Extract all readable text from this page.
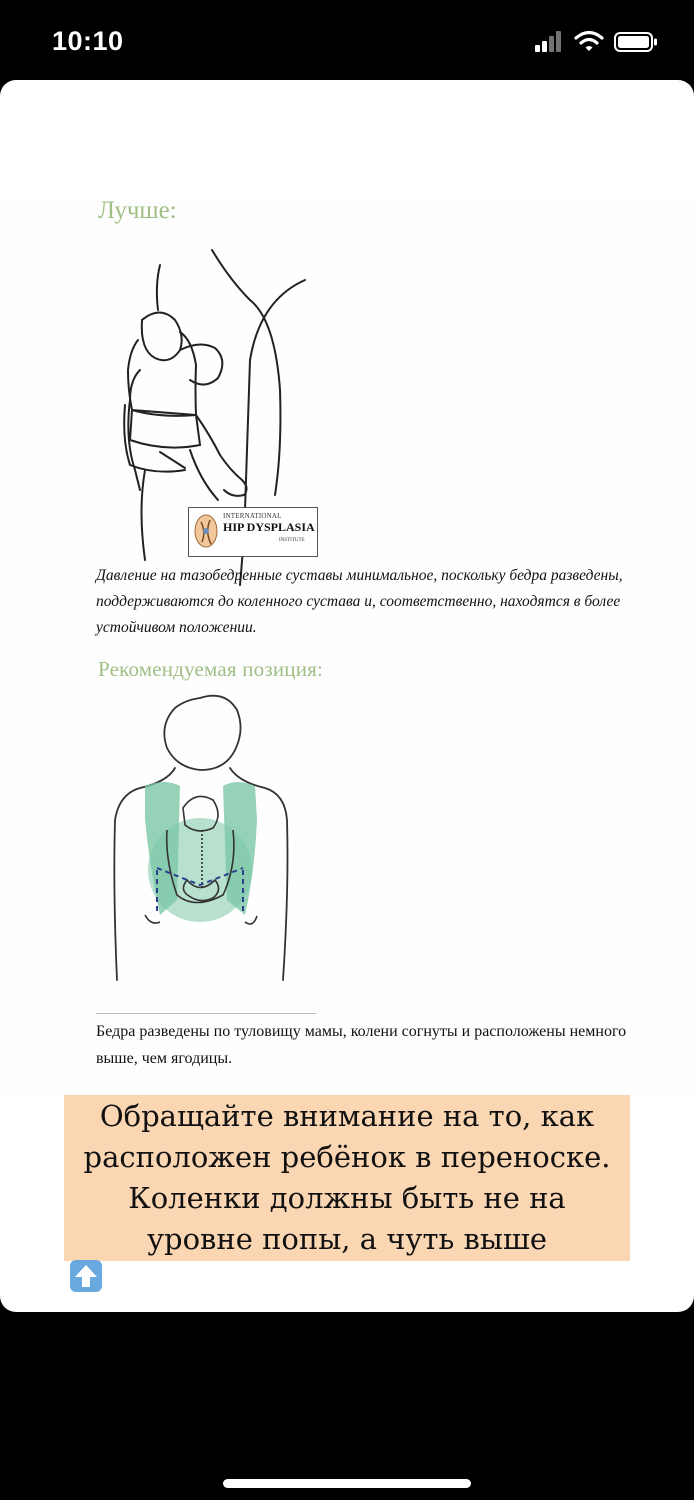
10:10
Лучше:
INTERNATIONAL
HIP DYSPLASIA
INSTITUTE
Давление на тазобедренные суставы минимальное, поскольку бедра разведены, поддерживаются до коленного сустава и, соответственно, находятся в более устойчивом положении.
Рекомендуемая позиция:
Бедра разведены по туловищу мамы, колени согнуты и расположены немного выше, чем ягодицы.
Обращайте внимание на то, как
расположен ребёнок в переноске.
Коленки должны быть не на
уровне попы, а чуть выше
